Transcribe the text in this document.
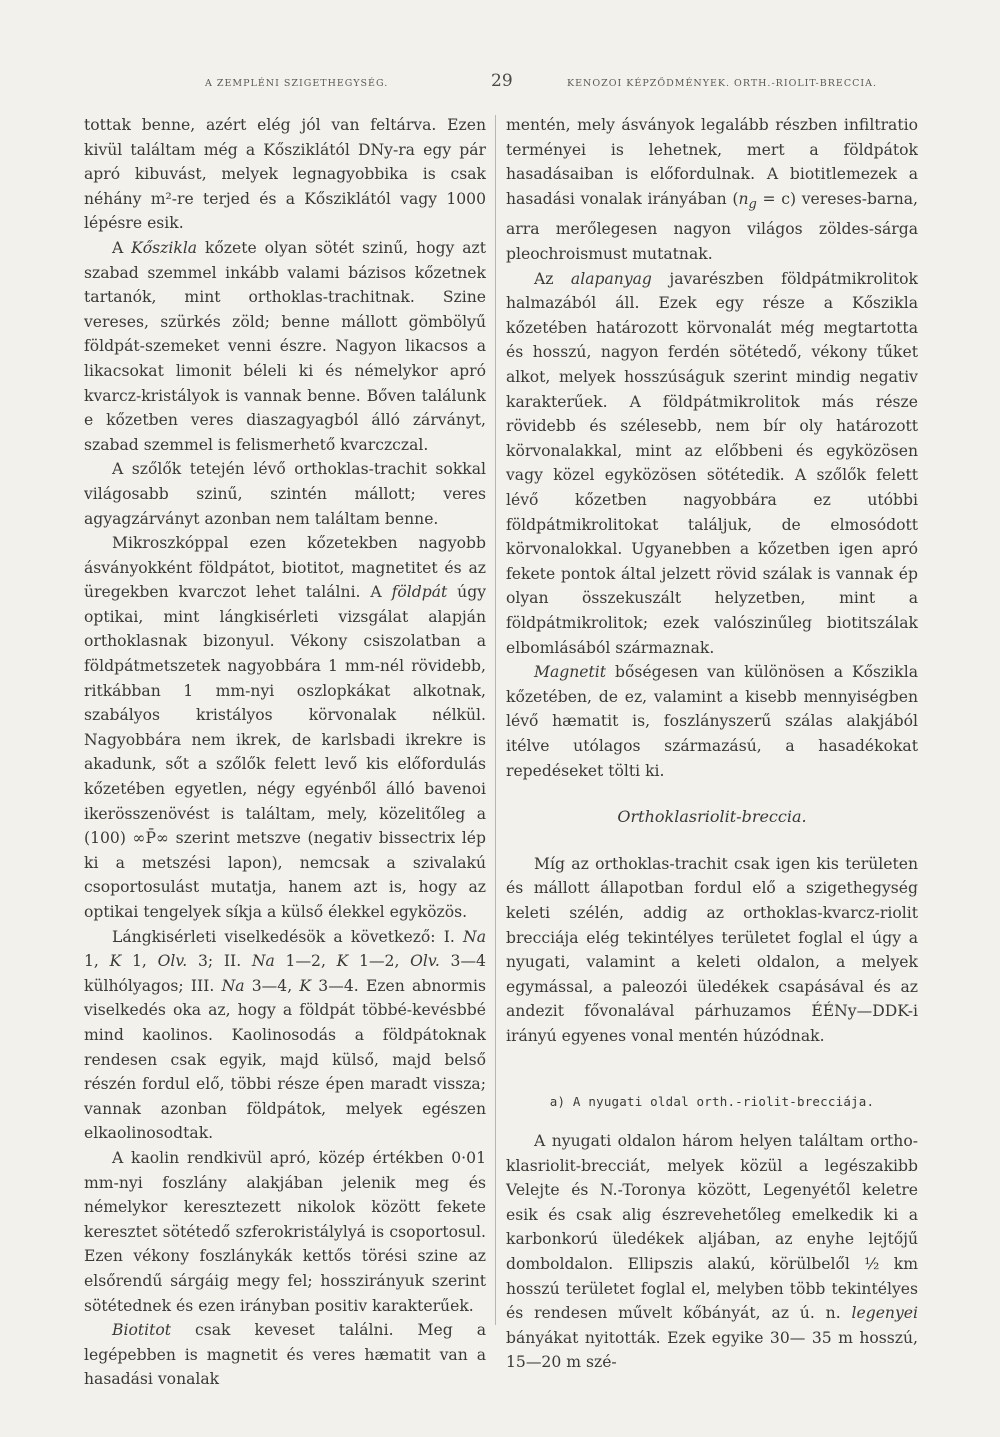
A ZEMPLÉNI SZIGETHEGYSÉG.	29	KENOZOI KÉPZŐDMÉNYEK. ORTH.-RIOLIT-BRECCIA.

tottak benne, azért elég jól van feltárva. Ezen kivül találtam még a Kősziklától DNy-ra egy pár apró kibuvást, melyek legnagyobbika is csak néhány m²-re terjed és a Kősziklától vagy 1000 lépésre esik.

A Kőszikla kőzete olyan sötét szinű, hogy azt szabad szemmel inkább valami bázisos kőzetnek tartanók, mint orthoklas-trachitnak. Szine vereses, szürkés zöld; benne mállott gömbölyű földpát-szemeket venni észre. Nagyon likacsos a likacsokat limonit béleli ki és némelykor apró kvarcz-kristályok is vannak benne. Bőven találunk e kőzetben veres diaszagyagból álló zárványt, szabad szemmel is felismerhető kvarczczal.

A szőlők tetején lévő orthoklas-trachit sokkal világosabb szinű, szintén mállott; veres agyagzárványt azonban nem találtam benne.

Mikroszkóppal ezen kőzetekben nagyobb ásványokként földpátot, biotitot, magnetitet és az üregekben kvarczot lehet találni. A földpát úgy optikai, mint lángkisérleti vizsgálat alapján orthoklasnak bizonyul. Vékony csiszolatban a földpátmetszetek nagyobbára 1 mm-nél rövidebb, ritkábban 1 mm-nyi oszlopkákat alkotnak, szabályos kristályos körvonalak nélkül. Nagyobbára nem ikrek, de karlsbadi ikrekre is akadunk, sőt a szőlők felett levő kis előfordulás kőzetében egyetlen, négy egyénből álló bavenoi ikerösszenövést is találtam, mely, közelitőleg a (100) ∞P̄∞ szerint metszve (negativ bissectrix lép ki a metszési lapon), nemcsak a szivalakú csoportosulást mutatja, hanem azt is, hogy az optikai tengelyek síkja a külső élekkel egyközös.

Lángkisérleti viselkedésök a következő: I. Na 1, K 1, Olv. 3; II. Na 1—2, K 1—2, Olv. 3—4 külhólyagos; III. Na 3—4, K 3—4. Ezen abnormis viselkedés oka az, hogy a földpát többé-kevésbbé mind kaolinos. Kaolinosodás a földpátoknak rendesen csak egyik, majd külső, majd belső részén fordul elő, többi része épen maradt vissza; vannak azonban földpátok, melyek egészen elkaolinosodtak.

A kaolin rendkivül apró, közép értékben 0·01 mm-nyi foszlány alakjában jelenik meg és némelykor keresztezett nikolok között fekete keresztet sötétedő szferokristálylyá is csoportosul. Ezen vékony foszlánykák kettős törési szine az elsőrendű sárgáig megy fel; hosszirányuk szerint sötétednek és ezen irányban positiv karakterűek.

Biotitot csak keveset találni. Meg a legépebben is magnetit és veres hæmatit van a hasadási vonalak

mentén, mely ásványok legalább részben infiltratio terményei is lehetnek, mert a földpátok hasadásaiban is előfordulnak. A biotitlemezek a hasadási vonalak irányában $(n_g = c)$ vereses-barna, arra merőlegesen nagyon világos zöldes-sárga pleochroismust mutatnak.

Az alapanyag javarészben földpátmikrolitok halmazából áll. Ezek egy része a Kőszikla kőzetében határozott körvonalát még megtartotta és hosszú, nagyon ferdén sötétedő, vékony tűket alkot, melyek hosszúságuk szerint mindig negativ karakterűek. A földpátmikrolitok más része rövidebb és szélesebb, nem bír oly határozott körvonalakkal, mint az előbbeni és egyközösen vagy közel egyközösen sötétedik. A szőlők felett lévő kőzetben nagyobbára ez utóbbi földpátmikrolitokat találjuk, de elmosódott körvonalokkal. Ugyanebben a kőzetben igen apró fekete pontok által jelzett rövid szálak is vannak ép olyan összekuszált helyzetben, mint a földpátmikrolitok; ezek valószinűleg biotitszálak elbomlásából származnak.

Magnetit bőségesen van különösen a Kőszikla kőzetében, de ez, valamint a kisebb mennyiségben lévő hæmatit is, foszlányszerű szálas alakjából itélve utólagos származású, a hasadékokat repedéseket tölti ki.

Orthoklasriolit-breccia.

Míg az orthoklas-trachit csak igen kis területen és mállott állapotban fordul elő a szigethegység keleti szélén, addig az orthoklas-kvarcz-riolit brecciája elég tekintélyes területet foglal el úgy a nyugati, valamint a keleti oldalon, a melyek egymással, a paleozói üledékek csapásával és az andezit fővonalával párhuzamos ÉÉNy—DDK-i irányú egyenes vonal mentén húzódnak.

a) A nyugati oldal orth.-riolit-brecciája.

A nyugati oldalon három helyen találtam ortho-klasriolit-brecciát, melyek közül a legészakibb Velejte és N.-Toronya között, Legenyétől keletre esik és csak alig észrevehetőleg emelkedik ki a karbonkorú üledékek aljában, az enyhe lejtőjű domboldalon. Ellipszis alakú, körülbelől ½ km hosszú területet foglal el, melyben több tekintélyes és rendesen művelt kőbányát, az ú. n. legenyei bányákat nyitották. Ezek egyike 30— 35 m hosszú, 15—20 m szé-
